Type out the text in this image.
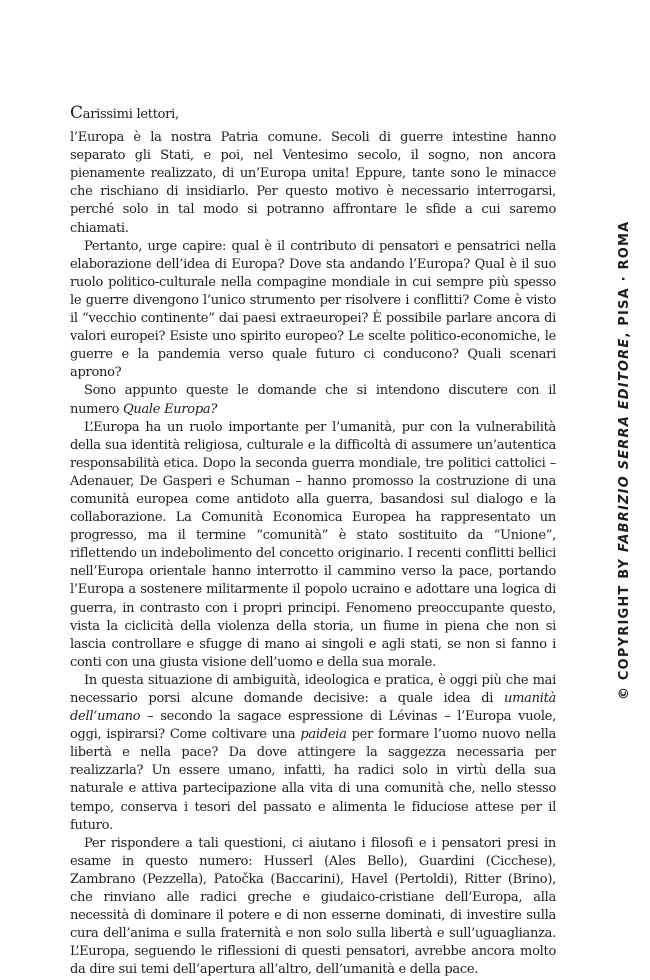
Carissimi lettori,

l’Europa è la nostra Patria comune. Secoli di guerre intestine hanno separato gli Stati, e poi, nel Ventesimo secolo, il sogno, non ancora pienamente realizzato, di un’Europa unita! Eppure, tante sono le minacce che rischiano di insidiarlo. Per questo motivo è necessario interrogarsi, perché solo in tal modo si potranno affrontare le sfide a cui saremo chiamati.

Pertanto, urge capire: qual è il contributo di pensatori e pensatrici nella elaborazione dell’idea di Europa? Dove sta andando l’Europa? Qual è il suo ruolo politico-culturale nella compagine mondiale in cui sempre più spesso le guerre divengono l’unico strumento per risolvere i conflitti? Come è visto il “vecchio continente” dai paesi extraeuropei? È possibile parlare ancora di valori europei? Esiste uno spirito europeo? Le scelte politico-economiche, le guerre e la pandemia verso quale futuro ci conducono? Quali scenari aprono?

Sono appunto queste le domande che si intendono discutere con il numero Quale Europa?

L’Europa ha un ruolo importante per l’umanità, pur con la vulnerabilità della sua identità religiosa, culturale e la difficoltà di assumere un’autentica responsabilità etica. Dopo la seconda guerra mondiale, tre politici cattolici – Adenauer, De Gasperi e Schuman – hanno promosso la costruzione di una comunità europea come antidoto alla guerra, basandosi sul dialogo e la collaborazione. La Comunità Economica Europea ha rappresentato un progresso, ma il termine “comunità” è stato sostituito da “Unione”, riflettendo un indebolimento del concetto originario. I recenti conflitti bellici nell’Europa orientale hanno interrotto il cammino verso la pace, portando l’Europa a sostenere militarmente il popolo ucraino e adottare una logica di guerra, in contrasto con i propri principi. Fenomeno preoccupante questo, vista la ciclicità della violenza della storia, un fiume in piena che non si lascia controllare e sfugge di mano ai singoli e agli stati, se non si fanno i conti con una giusta visione dell’uomo e della sua morale.

In questa situazione di ambiguità, ideologica e pratica, è oggi più che mai necessario porsi alcune domande decisive: a quale idea di umanità dell’umano – secondo la sagace espressione di Lévinas – l’Europa vuole, oggi, ispirarsi? Come coltivare una paideia per formare l’uomo nuovo nella libertà e nella pace? Da dove attingere la saggezza necessaria per realizzarla? Un essere umano, infatti, ha radici solo in virtù della sua naturale e attiva partecipazione alla vita di una comunità che, nello stesso tempo, conserva i tesori del passato e alimenta le fiduciose attese per il futuro.

Per rispondere a tali questioni, ci aiutano i filosofi e i pensatori presi in esame in questo numero: Husserl (Ales Bello), Guardini (Cicchese), Zambrano (Pezzella), Patočka (Baccarini), Havel (Pertoldi), Ritter (Brino), che rinviano alle radici greche e giudaico-cristiane dell’Europa, alla necessità di dominare il potere e di non esserne dominati, di investire sulla cura dell’anima e sulla fraternità e non solo sulla libertà e sull’uguaglianza. L’Europa, seguendo le riflessioni di questi pensatori, avrebbe ancora molto da dire sui temi dell’apertura all’altro, dell’umanità e della pace.

© COPYRIGHT BY FABRIZIO SERRA EDITORE, PISA · ROMA
